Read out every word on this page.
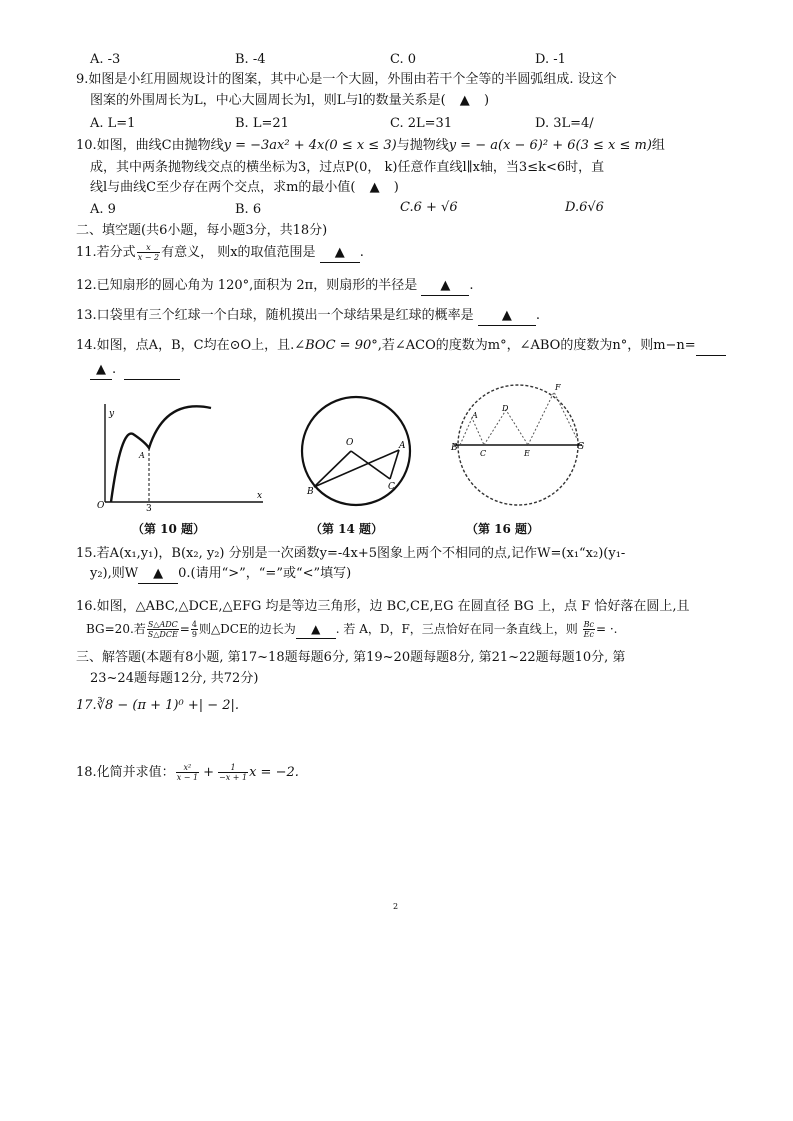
A. -3	B. -4	C. 0	D. -1
9.如图是小红用圆规设计的图案，其中心是一个大圆，外围由若干个全等的半圆弧组成. 设这个
图案的外围周长为L，中心大圆周长为l，则L与l的数量关系是( ▲ )
A. L=1	B. L=21	C. 2L=31	D. 3L=4/
10.如图，曲线C由抛物线y = −3ax² + 4x(0 ≤ x ≤ 3)与抛物线y = − a(x − 6)² + 6(3 ≤ x ≤ m)组
成，其中两条抛物线交点的横坐标为3，过点P(0， k)任意作直线l∥x轴，当3≤k<6时，直
线l与曲线C至少存在两个交点，求m的最小值( ▲ )
A. 9	B. 6	C.6 + √6	D.6√6
二、填空题(共6小题，每小题3分，共18分)
11.若分式 $\frac{x}{x - 2}$ 有意义， 则x的取值范围是 ▲ .
12.已知扇形的圆心角为 120°,面积为 2π，则扇形的半径是 ▲ .
13.口袋里有三个红球一个白球，随机摸出一个球结果是红球的概率是 ▲ .
14.如图，点A，B，C均在⊙O上，且.∠BOC = 90°,若∠ACO的度数为m°，∠ABO的度数为n°，则m−n=
▲ .
y
x
O	3
A
（第 10 题）
O	A
B	C
（第 14 题）
A
B
C
D
E
F
G
（第 16 题）
15.若A(x₁,y₁)，B(x₂, y₂) 分别是一次函数y=-4x+5图象上两个不相同的点,记作W=(x₁“x₂)(y₁-
y₂),则W ▲ 0.(请用“>”，“=”或“<”填写)
16.如图，△ABC,△DCE,△EFG 均是等边三角形，边 BC,CE,EG 在圆直径 BG 上，点 F 恰好落在圆上,且
BG=20.若 $\frac{\text{S△ADC}}{\text{S△DCE}} = \frac{4}{9}$ 则△DCE的边长为 ▲ . 若 A，D，F，三点恰好在同一条直线上，则 $\frac{Bc}{Ec}$ = ·.
三、解答题(本题有8小题, 第17~18题每题6分, 第19~20题每题8分, 第21~22题每题10分, 第
23~24题每题12分, 共72分)
17.∛8 − (π + 1)⁰ +| − 2|.
18.化简并求值： $\frac{\text{x²}}{x - 1} + \frac{1}{-x + 1}$ x = −2.
2
